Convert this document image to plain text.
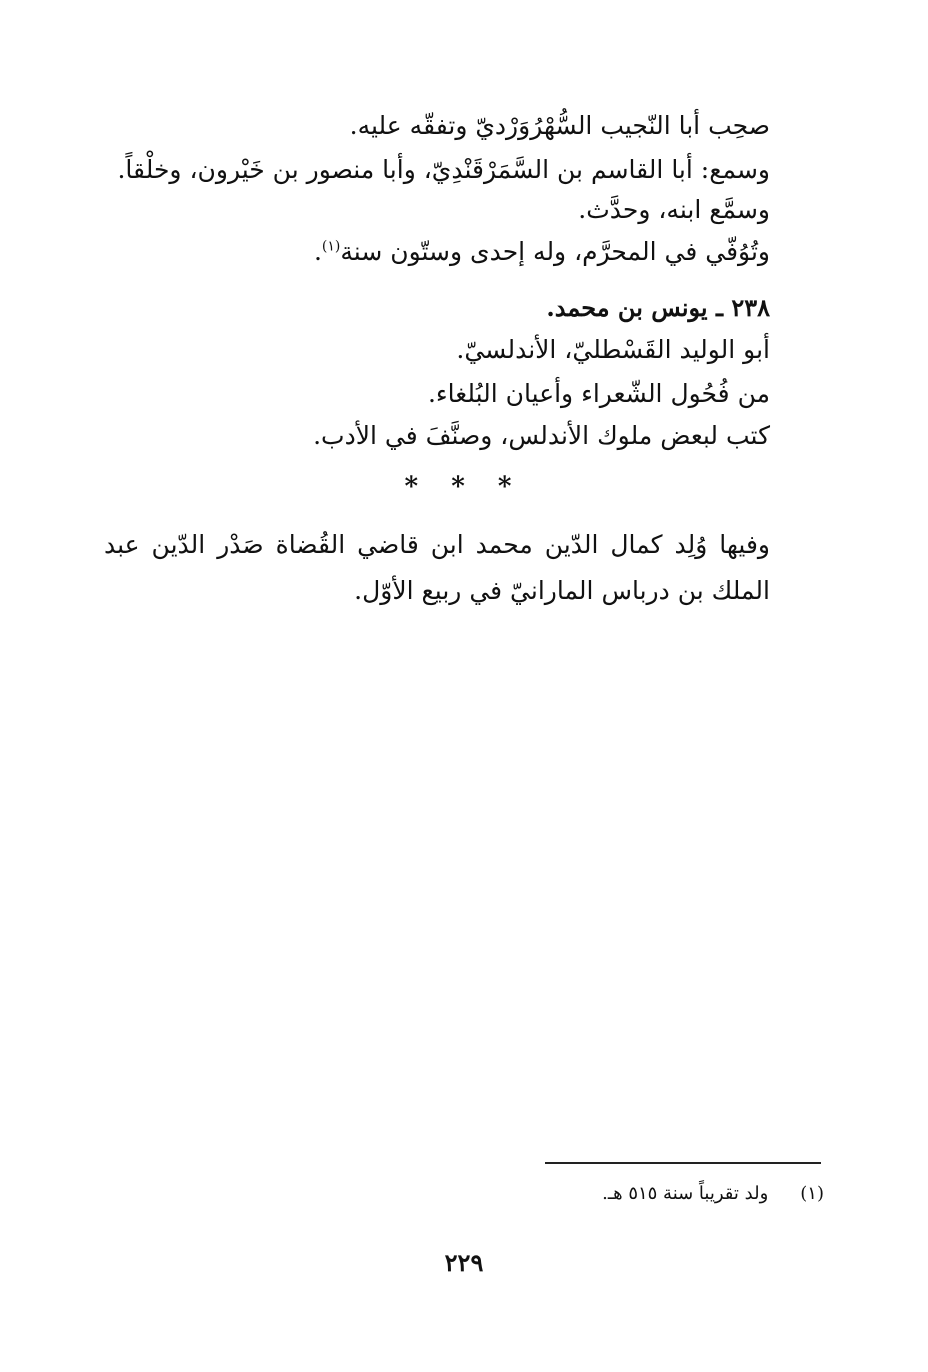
صحِب أبا النّجيب السُّهْرُوَرْديّ وتفقّه عليه.
وسمع: أبا القاسم بن السَّمَرْقَنْدِيّ، وأبا منصور بن خَيْرون، وخلْقاً.
وسمَّع ابنه، وحدَّث.
وتُوُفّي في المحرَّم، وله إحدى وستّون سنة$^{(١)}$.
٢٣٨ ـ يونس بن محمد.
أبو الوليد القَسْطليّ، الأندلسيّ.
من فُحُول الشّعراء وأعيان البُلغاء.
كتب لبعض ملوك الأندلس، وصنَّفَ في الأدب.
* * *
وفيها وُلِد كمال الدّين محمد ابن قاضي القُضاة صَدْر الدّين عبد الملك بن درباس المارانيّ في ربيع الأوّل.
(١)ولد تقريباً سنة ٥١٥ هـ.
٢٢٩
